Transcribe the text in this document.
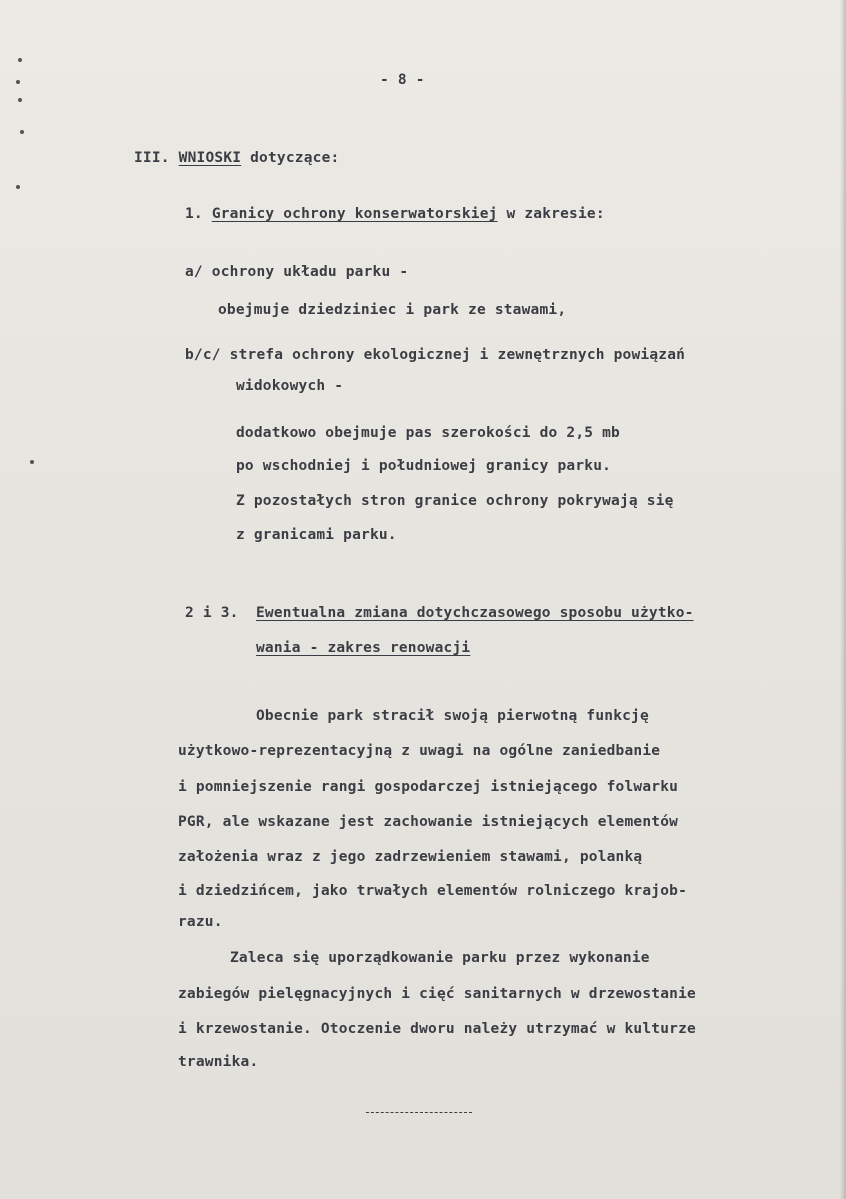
- 8 -
III. WNIOSKI dotyczące:
1. Granicy ochrony konserwatorskiej w zakresie:
a/ ochrony układu parku -
obejmuje dziedziniec i park ze stawami,
b/c/ strefa ochrony ekologicznej i zewnętrznych powiązań
widokowych -
dodatkowo obejmuje pas szerokości do 2,5 mb
po wschodniej i południowej granicy parku.
Z pozostałych stron granice ochrony pokrywają się
z granicami parku.
2 i 3. Ewentualna zmiana dotychczasowego sposobu użytko-
wania - zakres renowacji
Obecnie park stracił swoją pierwotną funkcję
użytkowo-reprezentacyjną z uwagi na ogólne zaniedbanie
i pomniejszenie rangi gospodarczej istniejącego folwarku
PGR, ale wskazane jest zachowanie istniejących elementów
założenia wraz z jego zadrzewieniem stawami, polanką
i dziedzińcem, jako trwałych elementów rolniczego krajob-
razu.
Zaleca się uporządkowanie parku przez wykonanie
zabiegów pielęgnacyjnych i cięć sanitarnych w drzewostanie
i krzewostanie. Otoczenie dworu należy utrzymać w kulturze
trawnika.
